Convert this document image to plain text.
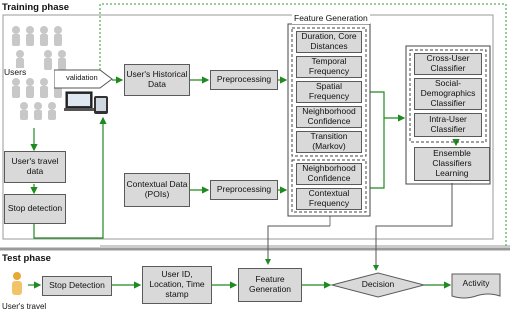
Training phase
Test phase
Users
validation
User's travel data
Stop detection
User's Historical Data
Contextual Data (POIs)
Preprocessing
Preprocessing
Feature Generation
Duration, Core Distances
Temporal Frequency
Spatial Frequency
Neighborhood Confidence
Transition (Markov)
Neighborhood Confidence
Contextual Frequency
Cross-User Classifier
Social-Demographics Classifier
Intra-User Classifier
Ensemble Classifiers Learning
User's travel
Stop Detection
User ID, Location, Time stamp
Feature Generation	Decision	Activity
